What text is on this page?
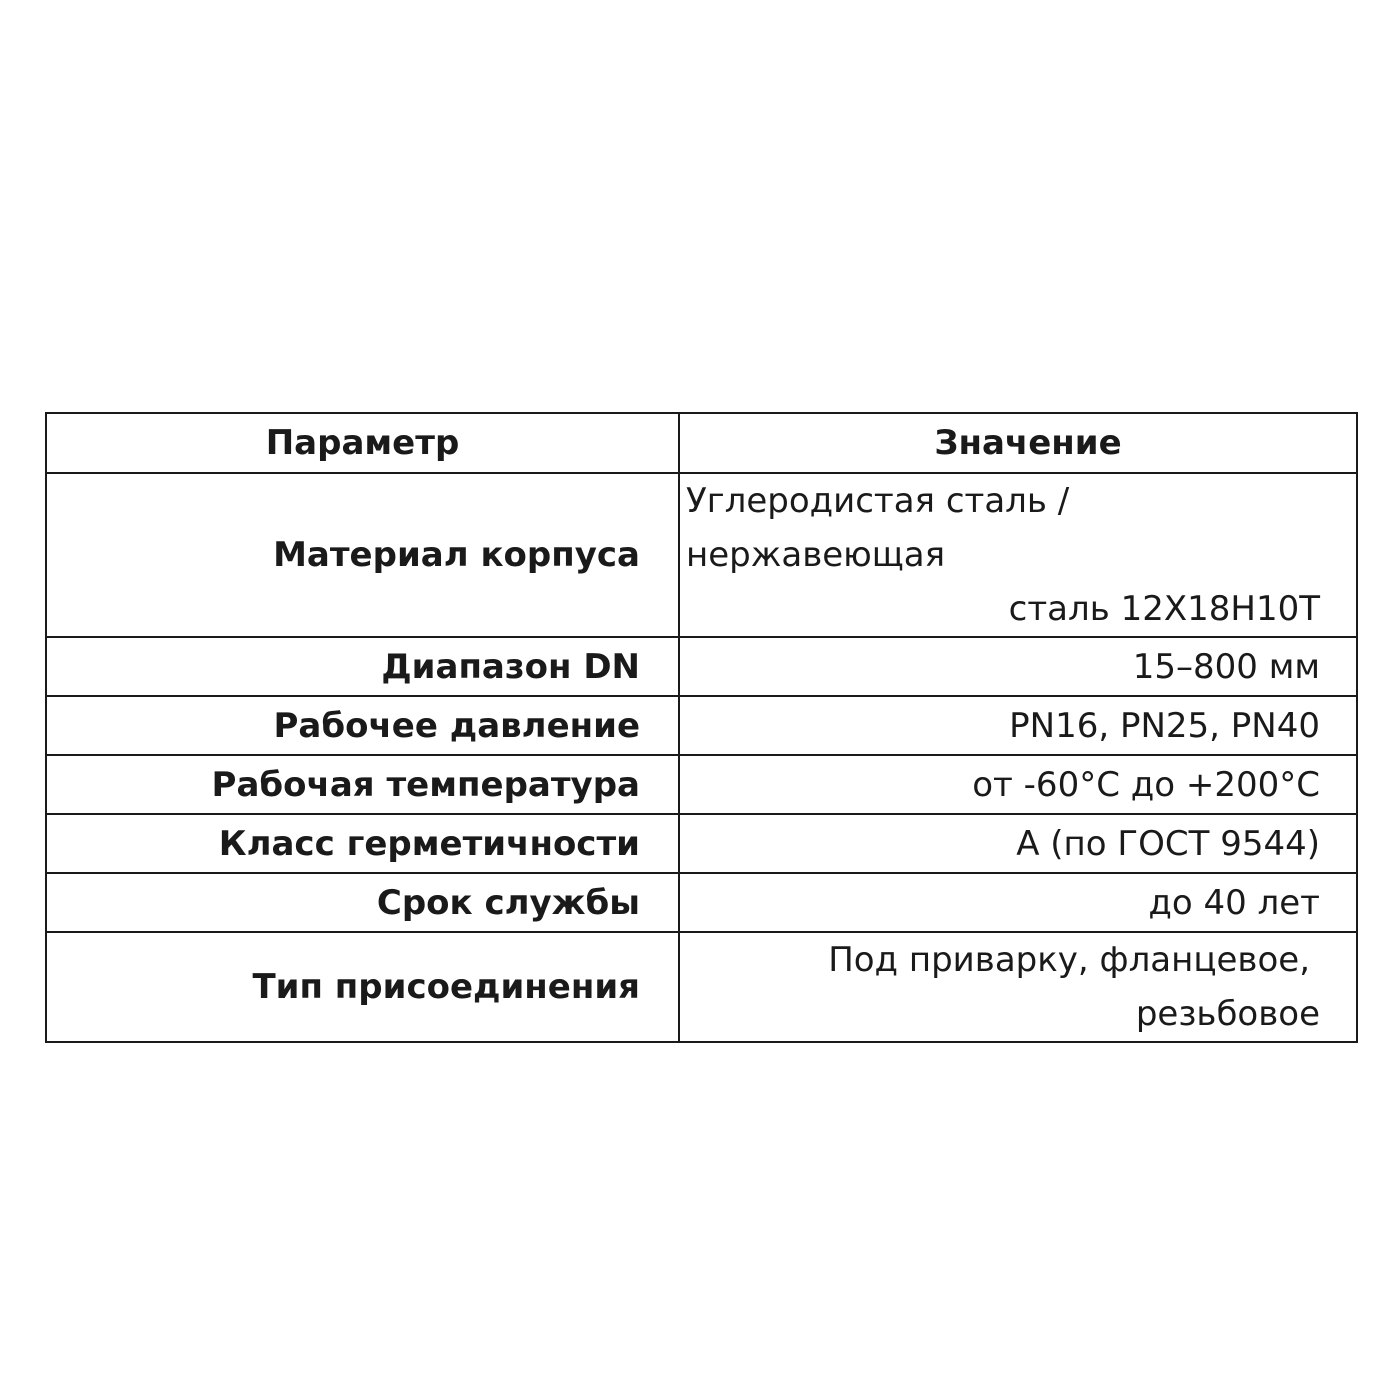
Параметр	Значение
Материал корпуса	Углеродистая сталь / нержавеющая
сталь 12Х18Н10Т

Диапазон DN	15–800 мм

Рабочее давление	PN16, PN25, PN40

Рабочая температура	от -60°C до +200°C

Класс герметичности	А (по ГОСТ 9544)

Срок службы	до 40 лет

Тип присоединения	Под приварку, фланцевое,
резьбовое
